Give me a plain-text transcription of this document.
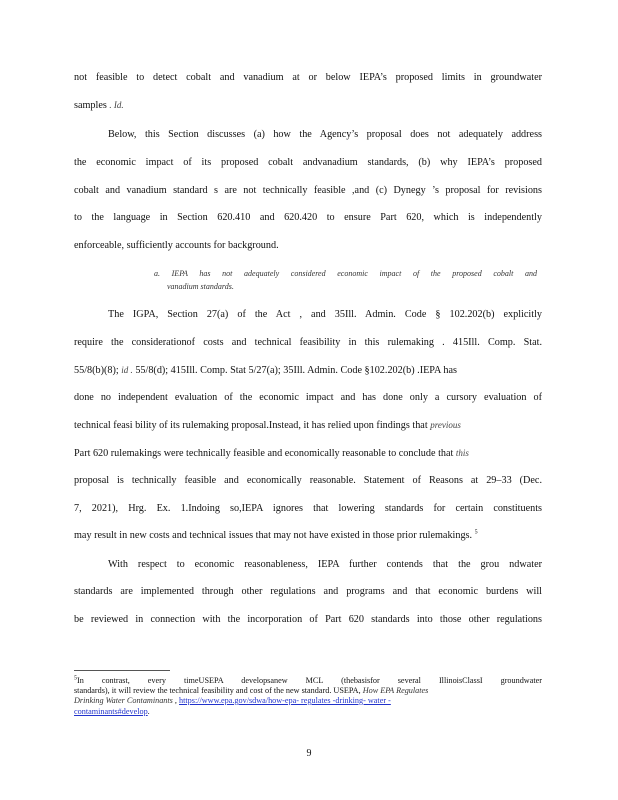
not feasible to detect cobalt and vanadium at or below IEPA’s proposed limits in groundwater
samples . Id.
Below, this Section discusses (a) how the Agency’s proposal does not adequately address
the economic impact of its proposed cobalt andvanadium standards, (b) why IEPA’s proposed
cobalt and vanadium standard s are not technically feasible ,and (c) Dynegy ’s proposal for revisions
to the language in Section 620.410 and 620.420 to ensure Part 620, which is independently
enforceable, sufficiently accounts for background.
a. IEPA has not adequately considered economic impact of the proposed cobalt and
vanadium standards.
The IGPA, Section 27(a) of the Act , and 35Ill. Admin. Code § 102.202(b) explicitly
require the considerationof costs and technical feasibility in this rulemaking . 415Ill. Comp. Stat.
55/8(b)(8); id . 55/8(d); 415Ill. Comp. Stat 5/27(a); 35Ill. Admin. Code §102.202(b) .IEPA has
done no independent evaluation of the economic impact and has done only a cursory evaluation of
technical feasi bility of its rulemaking proposal.Instead, it has relied upon findings that previous
Part 620 rulemakings were technically feasible and economically reasonable to conclude that this
proposal is technically feasible and economically reasonable. Statement of Reasons at 29–33 (Dec.
7, 2021), Hrg. Ex. 1.Indoing so,IEPA ignores that lowering standards for certain constituents
may result in new costs and technical issues that may not have existed in those prior rulemakings. $^5$
With respect to economic reasonableness, IEPA further contends that the grou ndwater
standards are implemented through other regulations and programs and that economic burdens will
be reviewed in connection with the incorporation of Part 620 standards into those other regulations
$^5$In contrast, every timeUSEPA developsanew MCL (thebasisfor several IllinoisClassI groundwater
standards), it will review the technical feasibility and cost of the new standard. USEPA, How EPA Regulates
Drinking Water Contaminants , https://www.epa.gov/sdwa/how-epa- regulates -drinking- water -
contaminants#develop.
9
